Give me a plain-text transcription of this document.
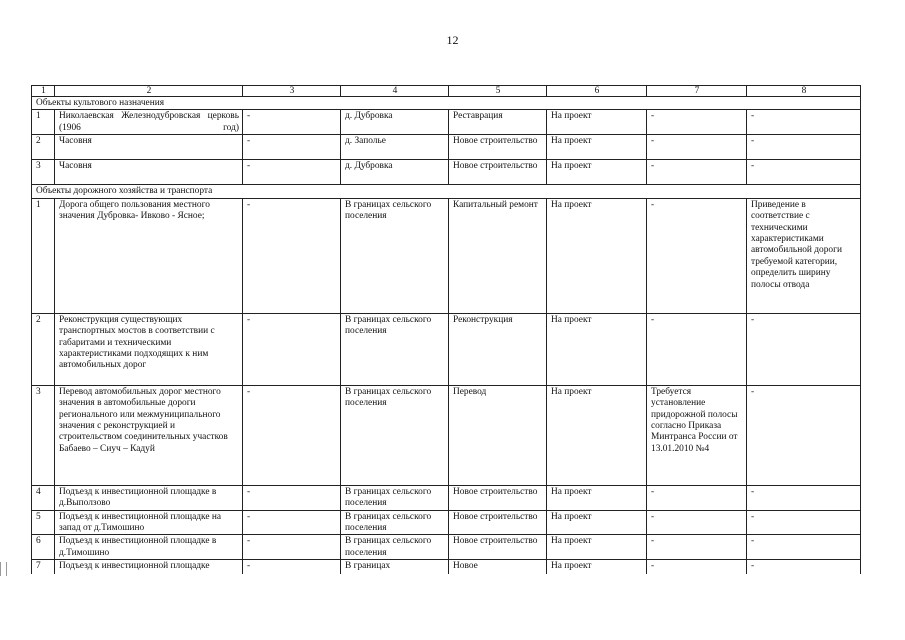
12
1	2	3	4	5	6	7	8
Объекты культового назначения							
1	Николаевская Железнодубровская церковь (1906 год)	-	д. Дубровка	Реставрация	На проект	-	-
2	Часовня	-	д. Заполье	Новое строительство	На проект	-	-
3	Часовня	-	д. Дубровка	Новое строительство	На проект	-	-
Объекты дорожного хозяйства и транспорта							
1	Дорога общего пользования местного значения Дубровка- Ивково - Ясное;	-	В границах сельского поселения	Капитальный ремонт	На проект	-	Приведение в соответствие с техническими характеристиками автомобильной дороги требуемой категории, определить ширину полосы отвода
2	Реконструкция существующих транспортных мостов в соответствии с габаритами и техническими характеристиками подходящих к ним автомобильных дорог	-	В границах сельского поселения	Реконструкция	На проект	-	-
3	Перевод автомобильных дорог местного значения в автомобильные дороги регионального или межмуниципального значения с реконструкцией и строительством соединительных участков Бабаево – Сиуч – Кадуй	-	В границах сельского поселения	Перевод	На проект	Требуется установление придорожной полосы согласно Приказа Минтранса России от 13.01.2010 №4	-
4	Подъезд к инвестиционной площадке в д.Выползово	-	В границах сельского поселения	Новое строительство	На проект	-	-
5	Подъезд к инвестиционной площадке на запад от д.Тимошино	-	В границах сельского поселения	Новое строительство	На проект	-	-
6	Подъезд к инвестиционной площадке в д.Тимошино	-	В границах сельского поселения	Новое строительство	На проект	-	-
7	Подъезд к инвестиционной площадке	-	В границах	Новое	На проект	-	-
